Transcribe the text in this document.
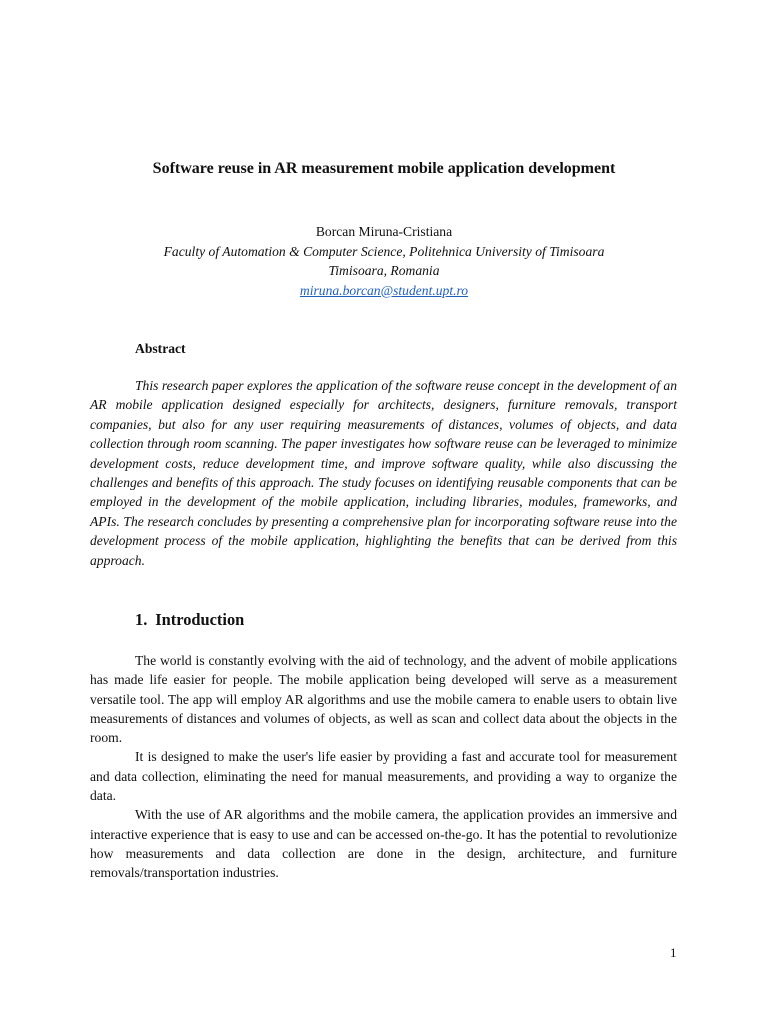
Software reuse in AR measurement mobile application development
Borcan Miruna-Cristiana
Faculty of Automation & Computer Science, Politehnica University of Timisoara
Timisoara, Romania
miruna.borcan@student.upt.ro
Abstract
This research paper explores the application of the software reuse concept in the development of an AR mobile application designed especially for architects, designers, furniture removals, transport companies, but also for any user requiring measurements of distances, volumes of objects, and data collection through room scanning. The paper investigates how software reuse can be leveraged to minimize development costs, reduce development time, and improve software quality, while also discussing the challenges and benefits of this approach. The study focuses on identifying reusable components that can be employed in the development of the mobile application, including libraries, modules, frameworks, and APIs. The research concludes by presenting a comprehensive plan for incorporating software reuse into the development process of the mobile application, highlighting the benefits that can be derived from this approach.
1. Introduction

The world is constantly evolving with the aid of technology, and the advent of mobile applications has made life easier for people. The mobile application being developed will serve as a measurement versatile tool. The app will employ AR algorithms and use the mobile camera to enable users to obtain live measurements of distances and volumes of objects, as well as scan and collect data about the objects in the room.

It is designed to make the user's life easier by providing a fast and accurate tool for measurement and data collection, eliminating the need for manual measurements, and providing a way to organize the data.

With the use of AR algorithms and the mobile camera, the application provides an immersive and interactive experience that is easy to use and can be accessed on-the-go. It has the potential to revolutionize how measurements and data collection are done in the design, architecture, and furniture removals/transportation industries.

1
